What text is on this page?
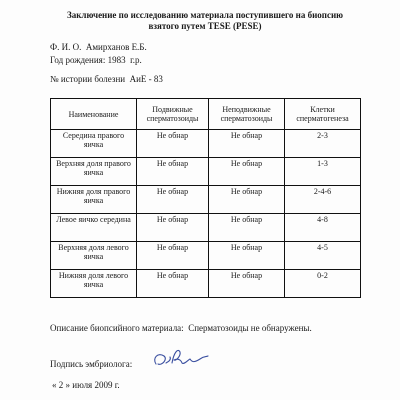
Заключение по исследованию материала поступившего на биопсию
взятого путем TESE (PESE)
Ф. И. О. Амирханов Е.Б.
Год рождения: 1983 г.р.
№ истории болезни АиЕ - 83
Наименование	Подвижные сперматозоиды	Неподвижные сперматозоиды	Клетки сперматогенеза
Середина правого яичка	Не обнар	Не обнар	2-3
Верхняя доля правого яичка	Не обнар	Не обнар	1-3
Нижняя доля правого яичка	Не обнар	Не обнар	2-4-6
Левое яичко середина	Не обнар	Не обнар	4-8
Верхняя доля левого яичка	Не обнар	Не обнар	4-5
Нижняя доля левого яичка	Не обнар	Не обнар	0-2
Описание биопсийного материала: Сперматозоиды не обнаружены.
Подпись эмбриолога:
« 2 » июля 2009 г.
